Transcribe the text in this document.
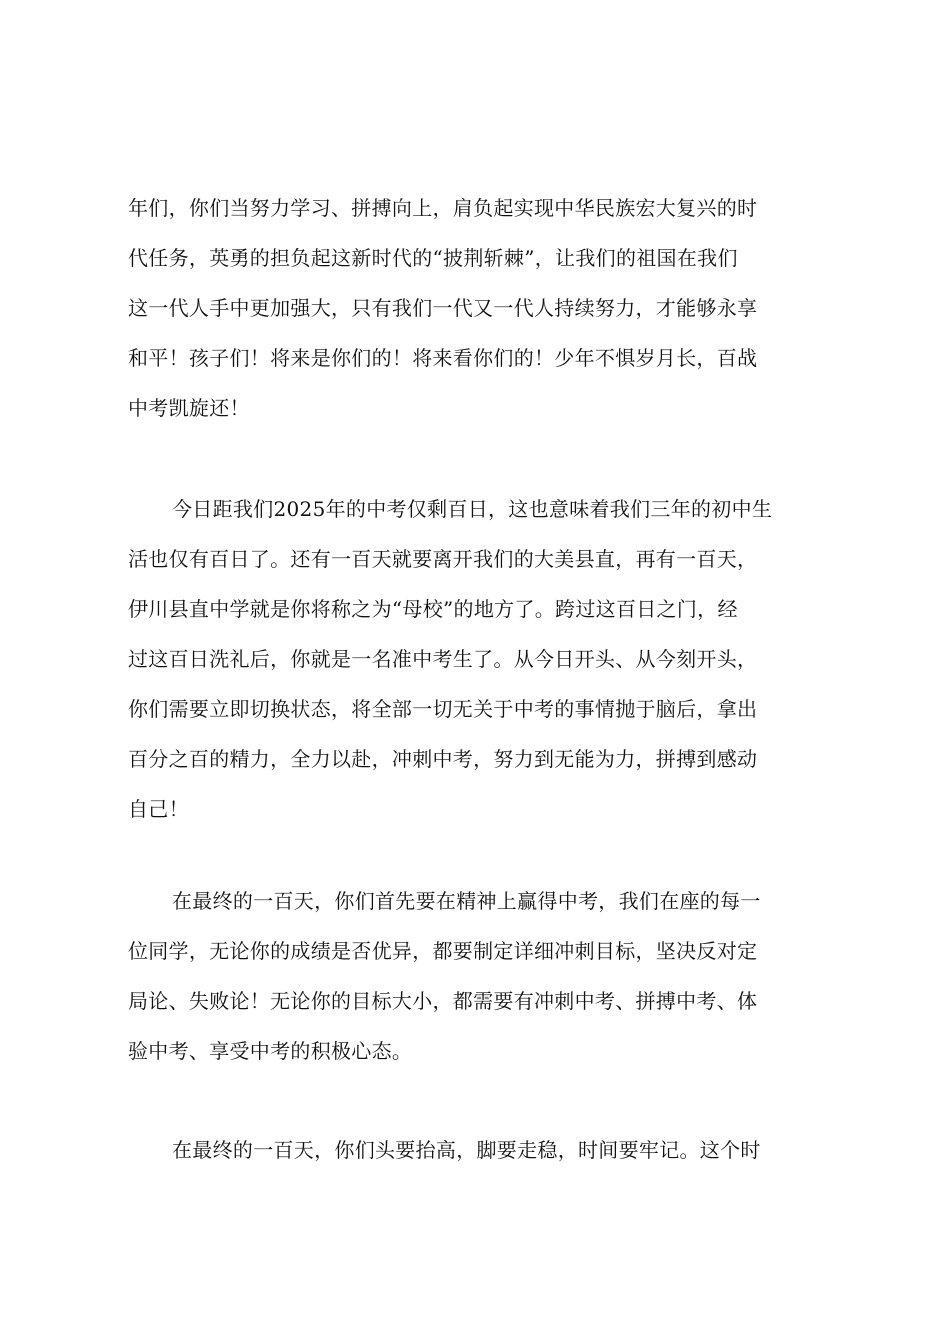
年们，你们当努力学习、拼搏向上，肩负起实现中华民族宏大复兴的时
代任务，英勇的担负起这新时代的“披荆斩棘”，让我们的祖国在我们
这一代人手中更加强大，只有我们一代又一代人持续努力，才能够永享
和平！孩子们！将来是你们的！将来看你们的！少年不惧岁月长，百战
中考凯旋还！
今日距我们2025年的中考仅剩百日，这也意味着我们三年的初中生
活也仅有百日了。还有一百天就要离开我们的大美县直，再有一百天，
伊川县直中学就是你将称之为“母校”的地方了。跨过这百日之门，经
过这百日洗礼后，你就是一名准中考生了。从今日开头、从今刻开头，
你们需要立即切换状态，将全部一切无关于中考的事情抛于脑后，拿出
百分之百的精力，全力以赴，冲刺中考，努力到无能为力，拼搏到感动
自己！
在最终的一百天，你们首先要在精神上赢得中考，我们在座的每一
位同学，无论你的成绩是否优异，都要制定详细冲刺目标，坚决反对定
局论、失败论！无论你的目标大小，都需要有冲刺中考、拼搏中考、体
验中考、享受中考的积极心态。
在最终的一百天，你们头要抬高，脚要走稳，时间要牢记。这个时
